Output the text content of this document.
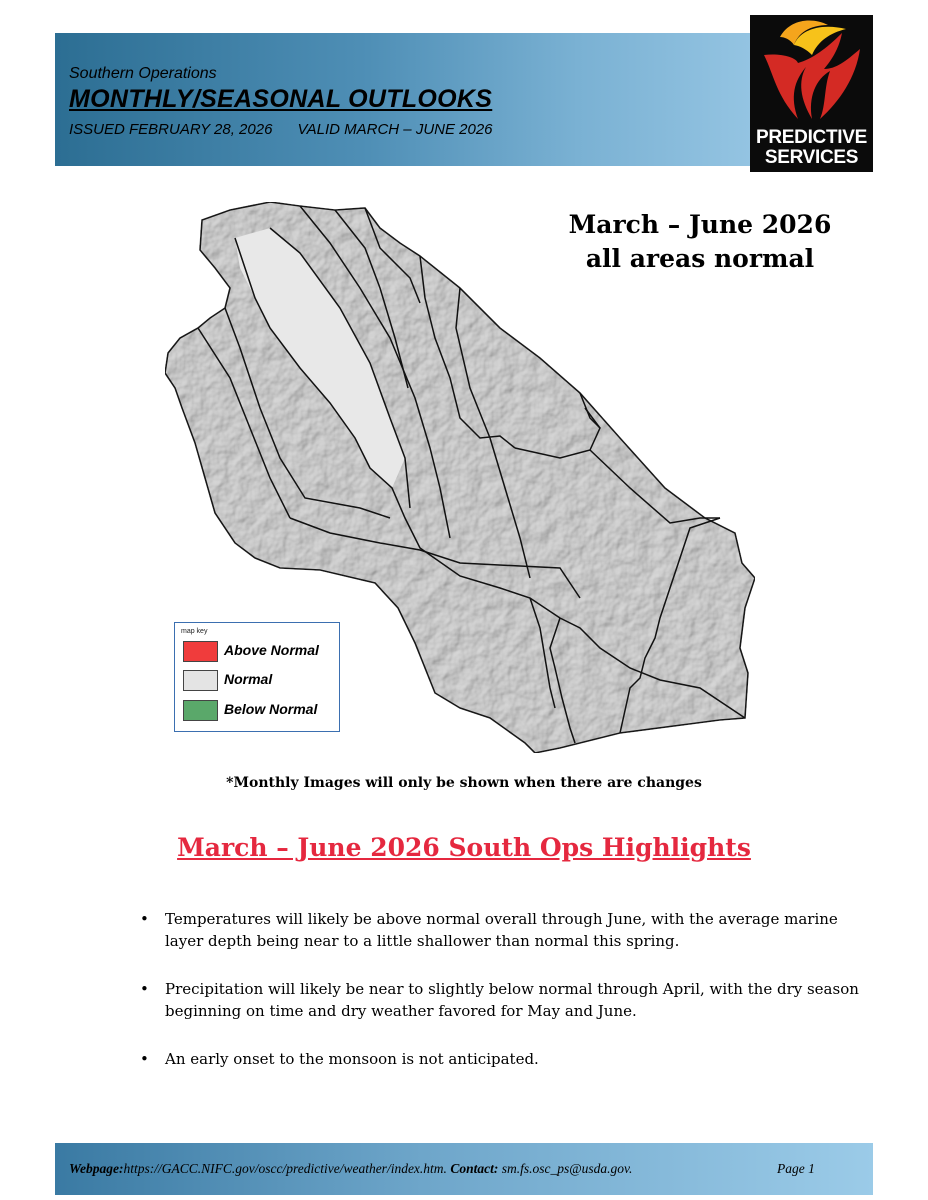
Southern Operations
MONTHLY/SEASONAL OUTLOOKS
ISSUED FEBRUARY 28, 2026 VALID MARCH – JUNE 2026	PREDICTIVE
SERVICES
March – June 2026
all areas normal
map key
Above Normal
Normal
Below Normal
*Monthly Images will only be shown when there are changes
March – June 2026 South Ops Highlights
• Temperatures will likely be above normal overall through June, with the average marine layer depth being near to a little shallower than normal this spring.
• Precipitation will likely be near to slightly below normal through April, with the dry season beginning on time and dry weather favored for May and June.
• An early onset to the monsoon is not anticipated.
Webpage:https://GACC.NIFC.gov/oscc/predictive/weather/index.htm. Contact: sm.fs.osc_ps@usda.gov.	Page 1
